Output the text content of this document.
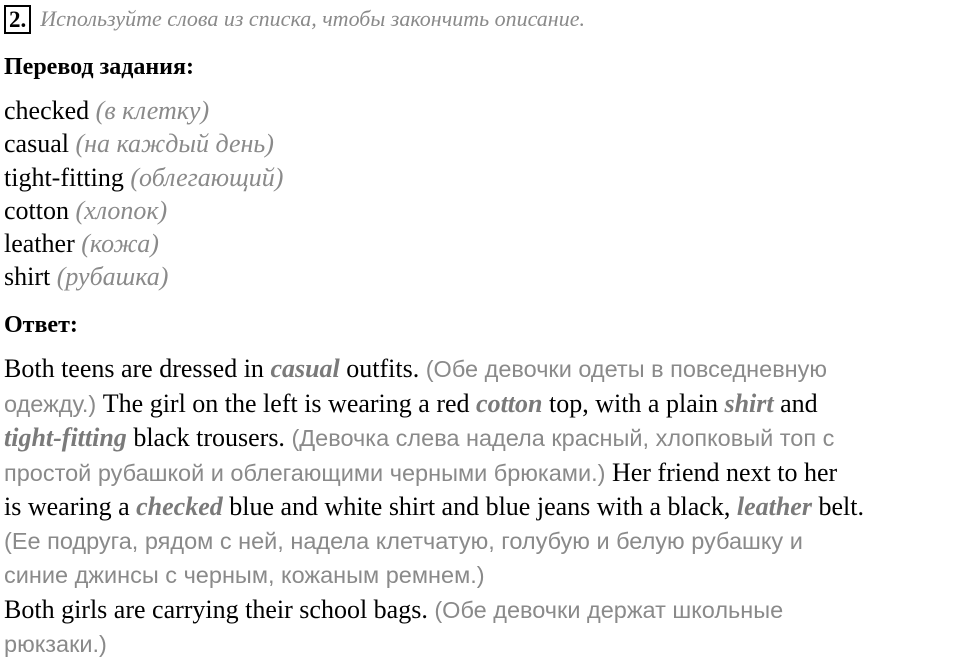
2. Используйте слова из списка, чтобы закончить описание.
Перевод задания:
checked (в клетку)
casual (на каждый день)
tight-fitting (облегающий)
cotton (хлопок)
leather (кожа)
shirt (рубашка)
Ответ:

Both teens are dressed in casual outfits. (Обе девочки одеты в повседневную

одежду.) The girl on the left is wearing a red cotton top, with a plain shirt and

tight-fitting black trousers. (Девочка слева надела красный, хлопковый топ с

простой рубашкой и облегающими черными брюками.) Her friend next to her

is wearing a checked blue and white shirt and blue jeans with a black, leather belt.

(Ее подруга, рядом с ней, надела клетчатую, голубую и белую рубашку и

синие джинсы с черным, кожаным ремнем.)

Both girls are carrying their school bags. (Обе девочки держат школьные

рюкзаки.)
